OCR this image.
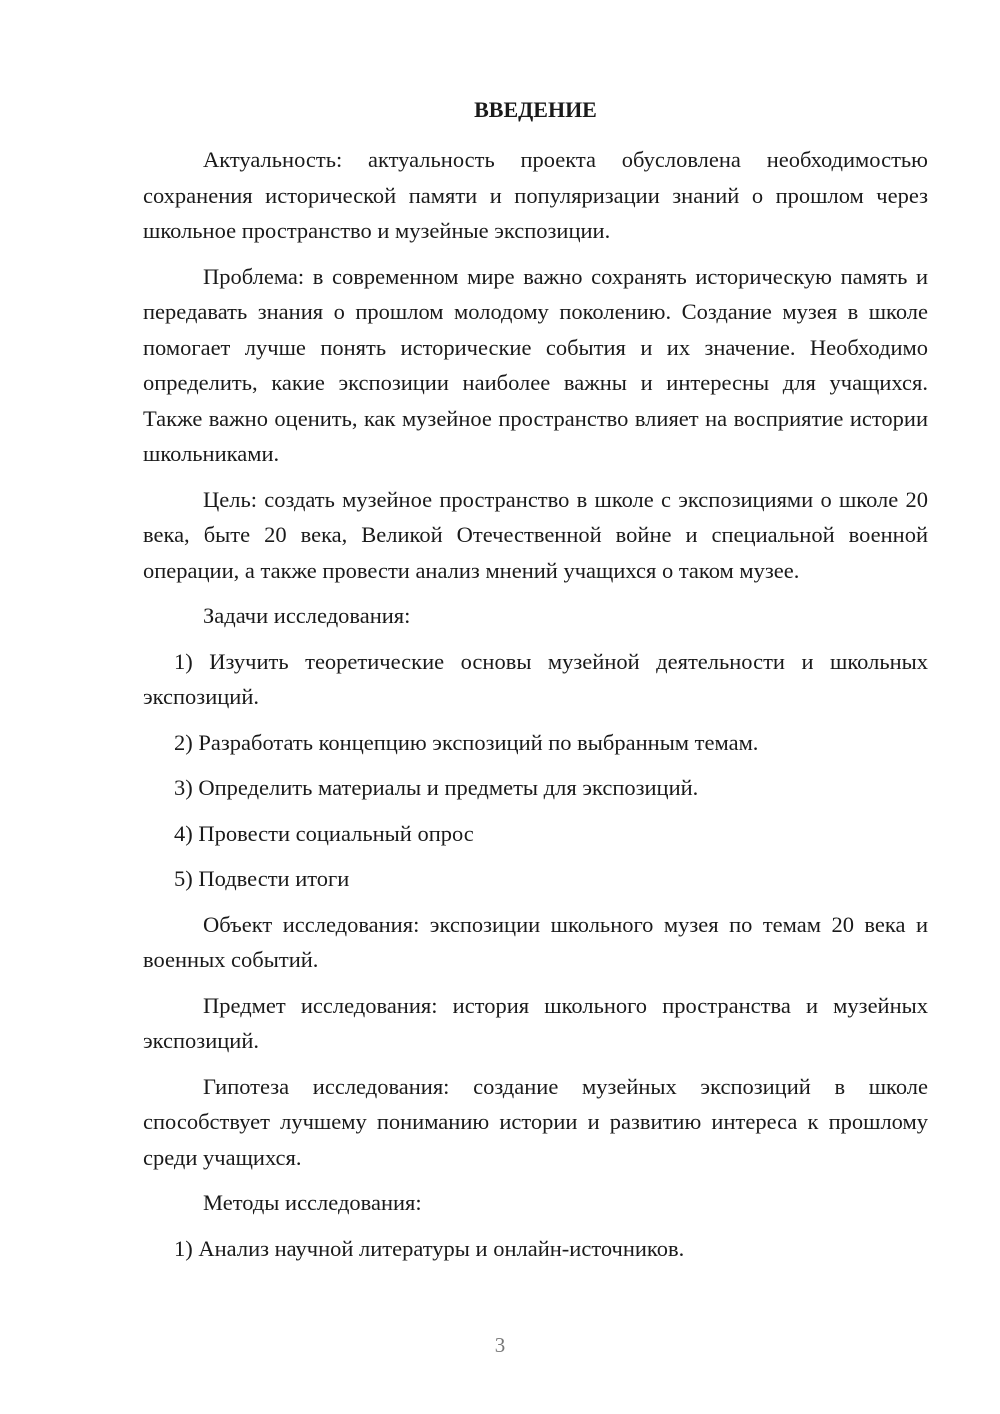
ВВЕДЕНИЕ

Актуальность: актуальность проекта обусловлена необходимостью сохранения исторической памяти и популяризации знаний о прошлом через школьное пространство и музейные экспозиции.

Проблема: в современном мире важно сохранять историческую память и передавать знания о прошлом молодому поколению. Создание музея в школе помогает лучше понять исторические события и их значение. Необходимо определить, какие экспозиции наиболее важны и интересны для учащихся. Также важно оценить, как музейное пространство влияет на восприятие истории школьниками.

Цель: создать музейное пространство в школе с экспозициями о школе 20 века, быте 20 века, Великой Отечественной войне и специальной военной операции, а также провести анализ мнений учащихся о таком музее.

Задачи исследования:

1) Изучить теоретические основы музейной деятельности и школьных экспозиций.

2) Разработать концепцию экспозиций по выбранным темам.

3) Определить материалы и предметы для экспозиций.

4) Провести социальный опрос

5) Подвести итоги

Объект исследования: экспозиции школьного музея по темам 20 века и военных событий.

Предмет исследования: история школьного пространства и музейных экспозиций.

Гипотеза исследования: создание музейных экспозиций в школе способствует лучшему пониманию истории и развитию интереса к прошлому среди учащихся.

Методы исследования:

1) Анализ научной литературы и онлайн-источников.

3
